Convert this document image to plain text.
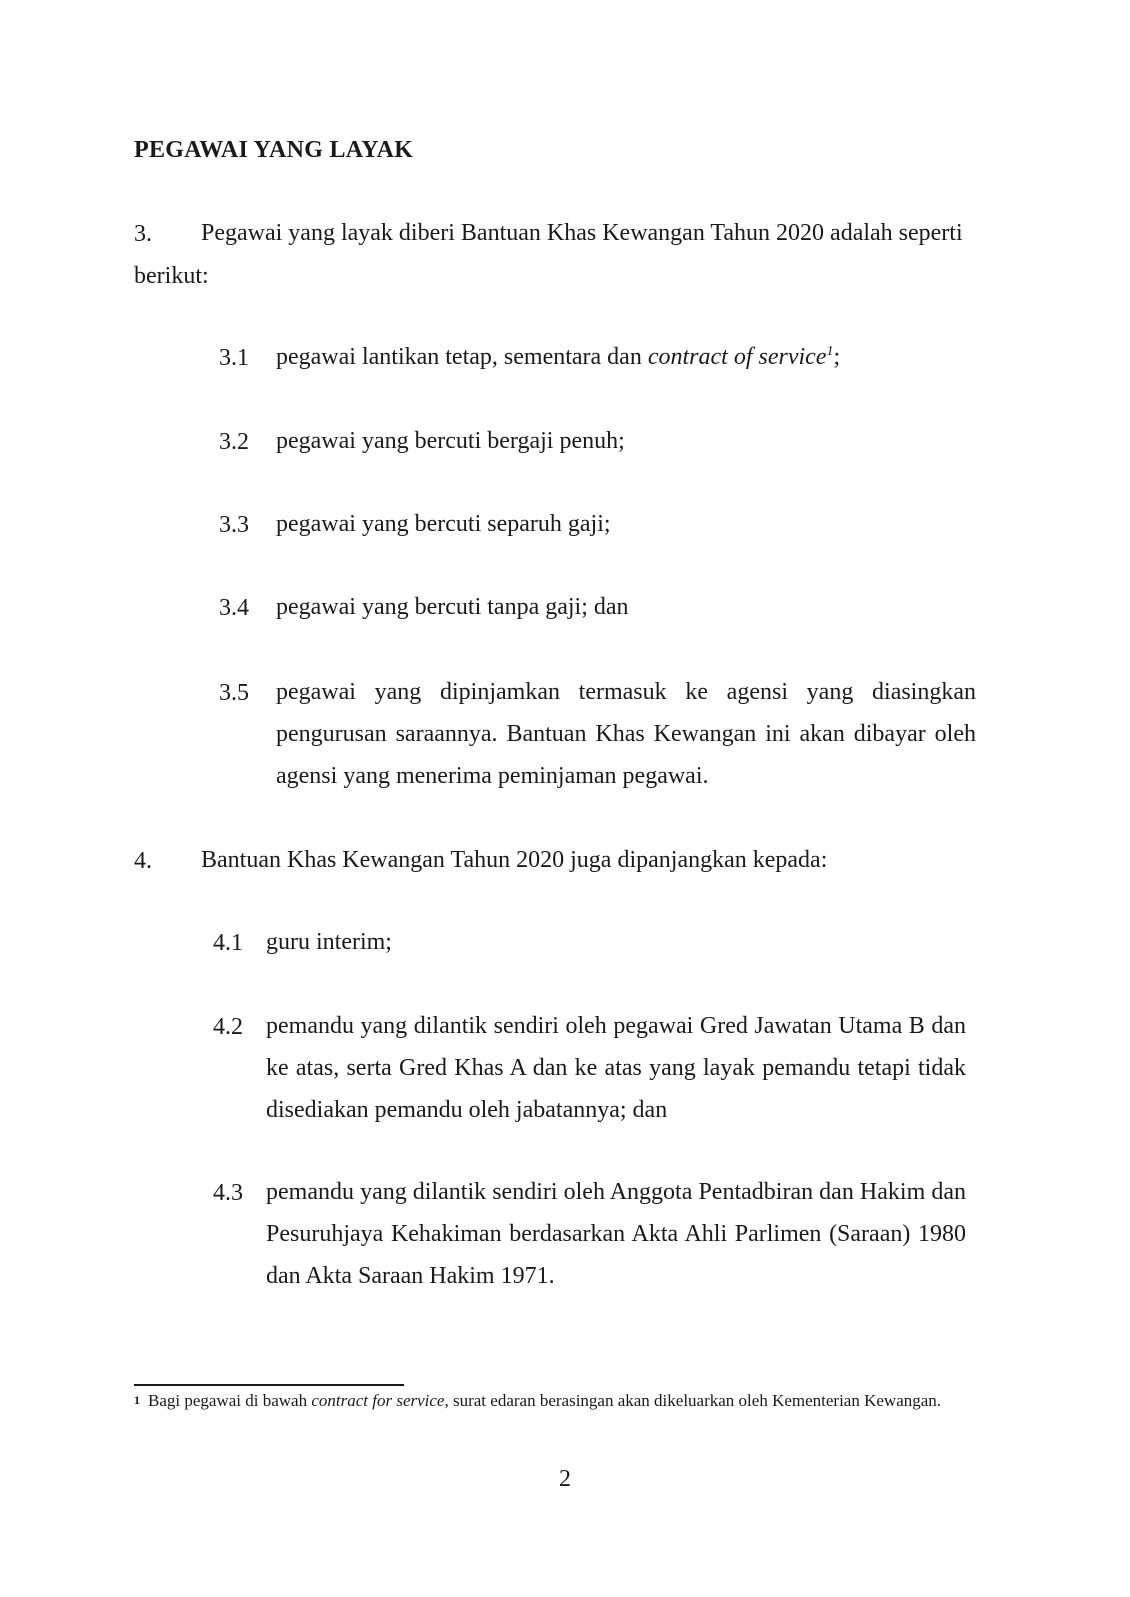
PEGAWAI YANG LAYAK
3. Pegawai yang layak diberi Bantuan Khas Kewangan Tahun 2020 adalah seperti
berikut:
3.1 pegawai lantikan tetap, sementara dan contract of service$^1$;
3.2 pegawai yang bercuti bergaji penuh;
3.3 pegawai yang bercuti separuh gaji;
3.4 pegawai yang bercuti tanpa gaji; dan
3.5 pegawai yang dipinjamkan termasuk ke agensi yang diasingkan pengurusan saraannya. Bantuan Khas Kewangan ini akan dibayar oleh agensi yang menerima peminjaman pegawai.
4. Bantuan Khas Kewangan Tahun 2020 juga dipanjangkan kepada:
4.1 guru interim;
4.2 pemandu yang dilantik sendiri oleh pegawai Gred Jawatan Utama B dan ke atas, serta Gred Khas A dan ke atas yang layak pemandu tetapi tidak disediakan pemandu oleh jabatannya; dan
4.3 pemandu yang dilantik sendiri oleh Anggota Pentadbiran dan Hakim dan Pesuruhjaya Kehakiman berdasarkan Akta Ahli Parlimen (Saraan) 1980 dan Akta Saraan Hakim 1971.
1 Bagi pegawai di bawah contract for service, surat edaran berasingan akan dikeluarkan oleh Kementerian Kewangan.
2
